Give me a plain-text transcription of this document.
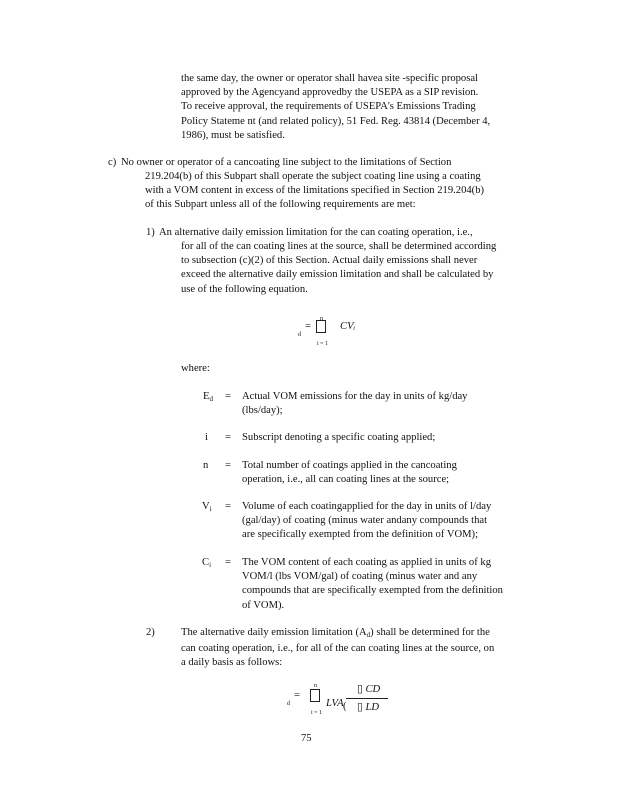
the same day, the owner or operator shall havea site -specific proposal
approved by the Agencyand approvedby the USEPA as a SIP revision.
To receive approval, the requirements of USEPA's Emissions Trading
Policy Stateme nt (and related policy), 51 Fed. Reg. 43814 (December 4,
1986), must be satisfied.
c) No owner or operator of a cancoating line subject to the limitations of Section
219.204(b) of this Subpart shall operate the subject coating line using a coating
with a VOM content in excess of the limitations specified in Section 219.204(b)
of this Subpart unless all of the following requirements are met:
1) An alternative daily emission limitation for the can coating operation, i.e.,
for all of the can coating lines at the source, shall be determined according
to subsection (c)(2) of this Section. Actual daily emissions shall never
exceed the alternative daily emission limitation and shall be calculated by
use of the following equation.
n
d
=
i = 1
CVᵢ
where:
$E_d$ = Actual VOM emissions for the day in units of kg/day
(lbs/day);
i = Subscript denoting a specific coating applied;
n = Total number of coatings applied in the cancoating
operation, i.e., all can coating lines at the source;
$V_i$ = Volume of each coatingapplied for the day in units of l/day
(gal/day) of coating (minus water andany compounds that
are specifically exempted from the definition of VOM);
$C_i$ = The VOM content of each coating as applied in units of kg
VOM/l (lbs VOM/gal) of coating (minus water and any
compounds that are specifically exempted from the definition
of VOM).
2) The alternative daily emission limitation $(A_d)$ shall be determined for the
can coating operation, i.e., for all of the can coating lines at the source, on
a daily basis as follows:
n
d
=
i = 1
LVA
▯ CD
( ▯ LD
75
